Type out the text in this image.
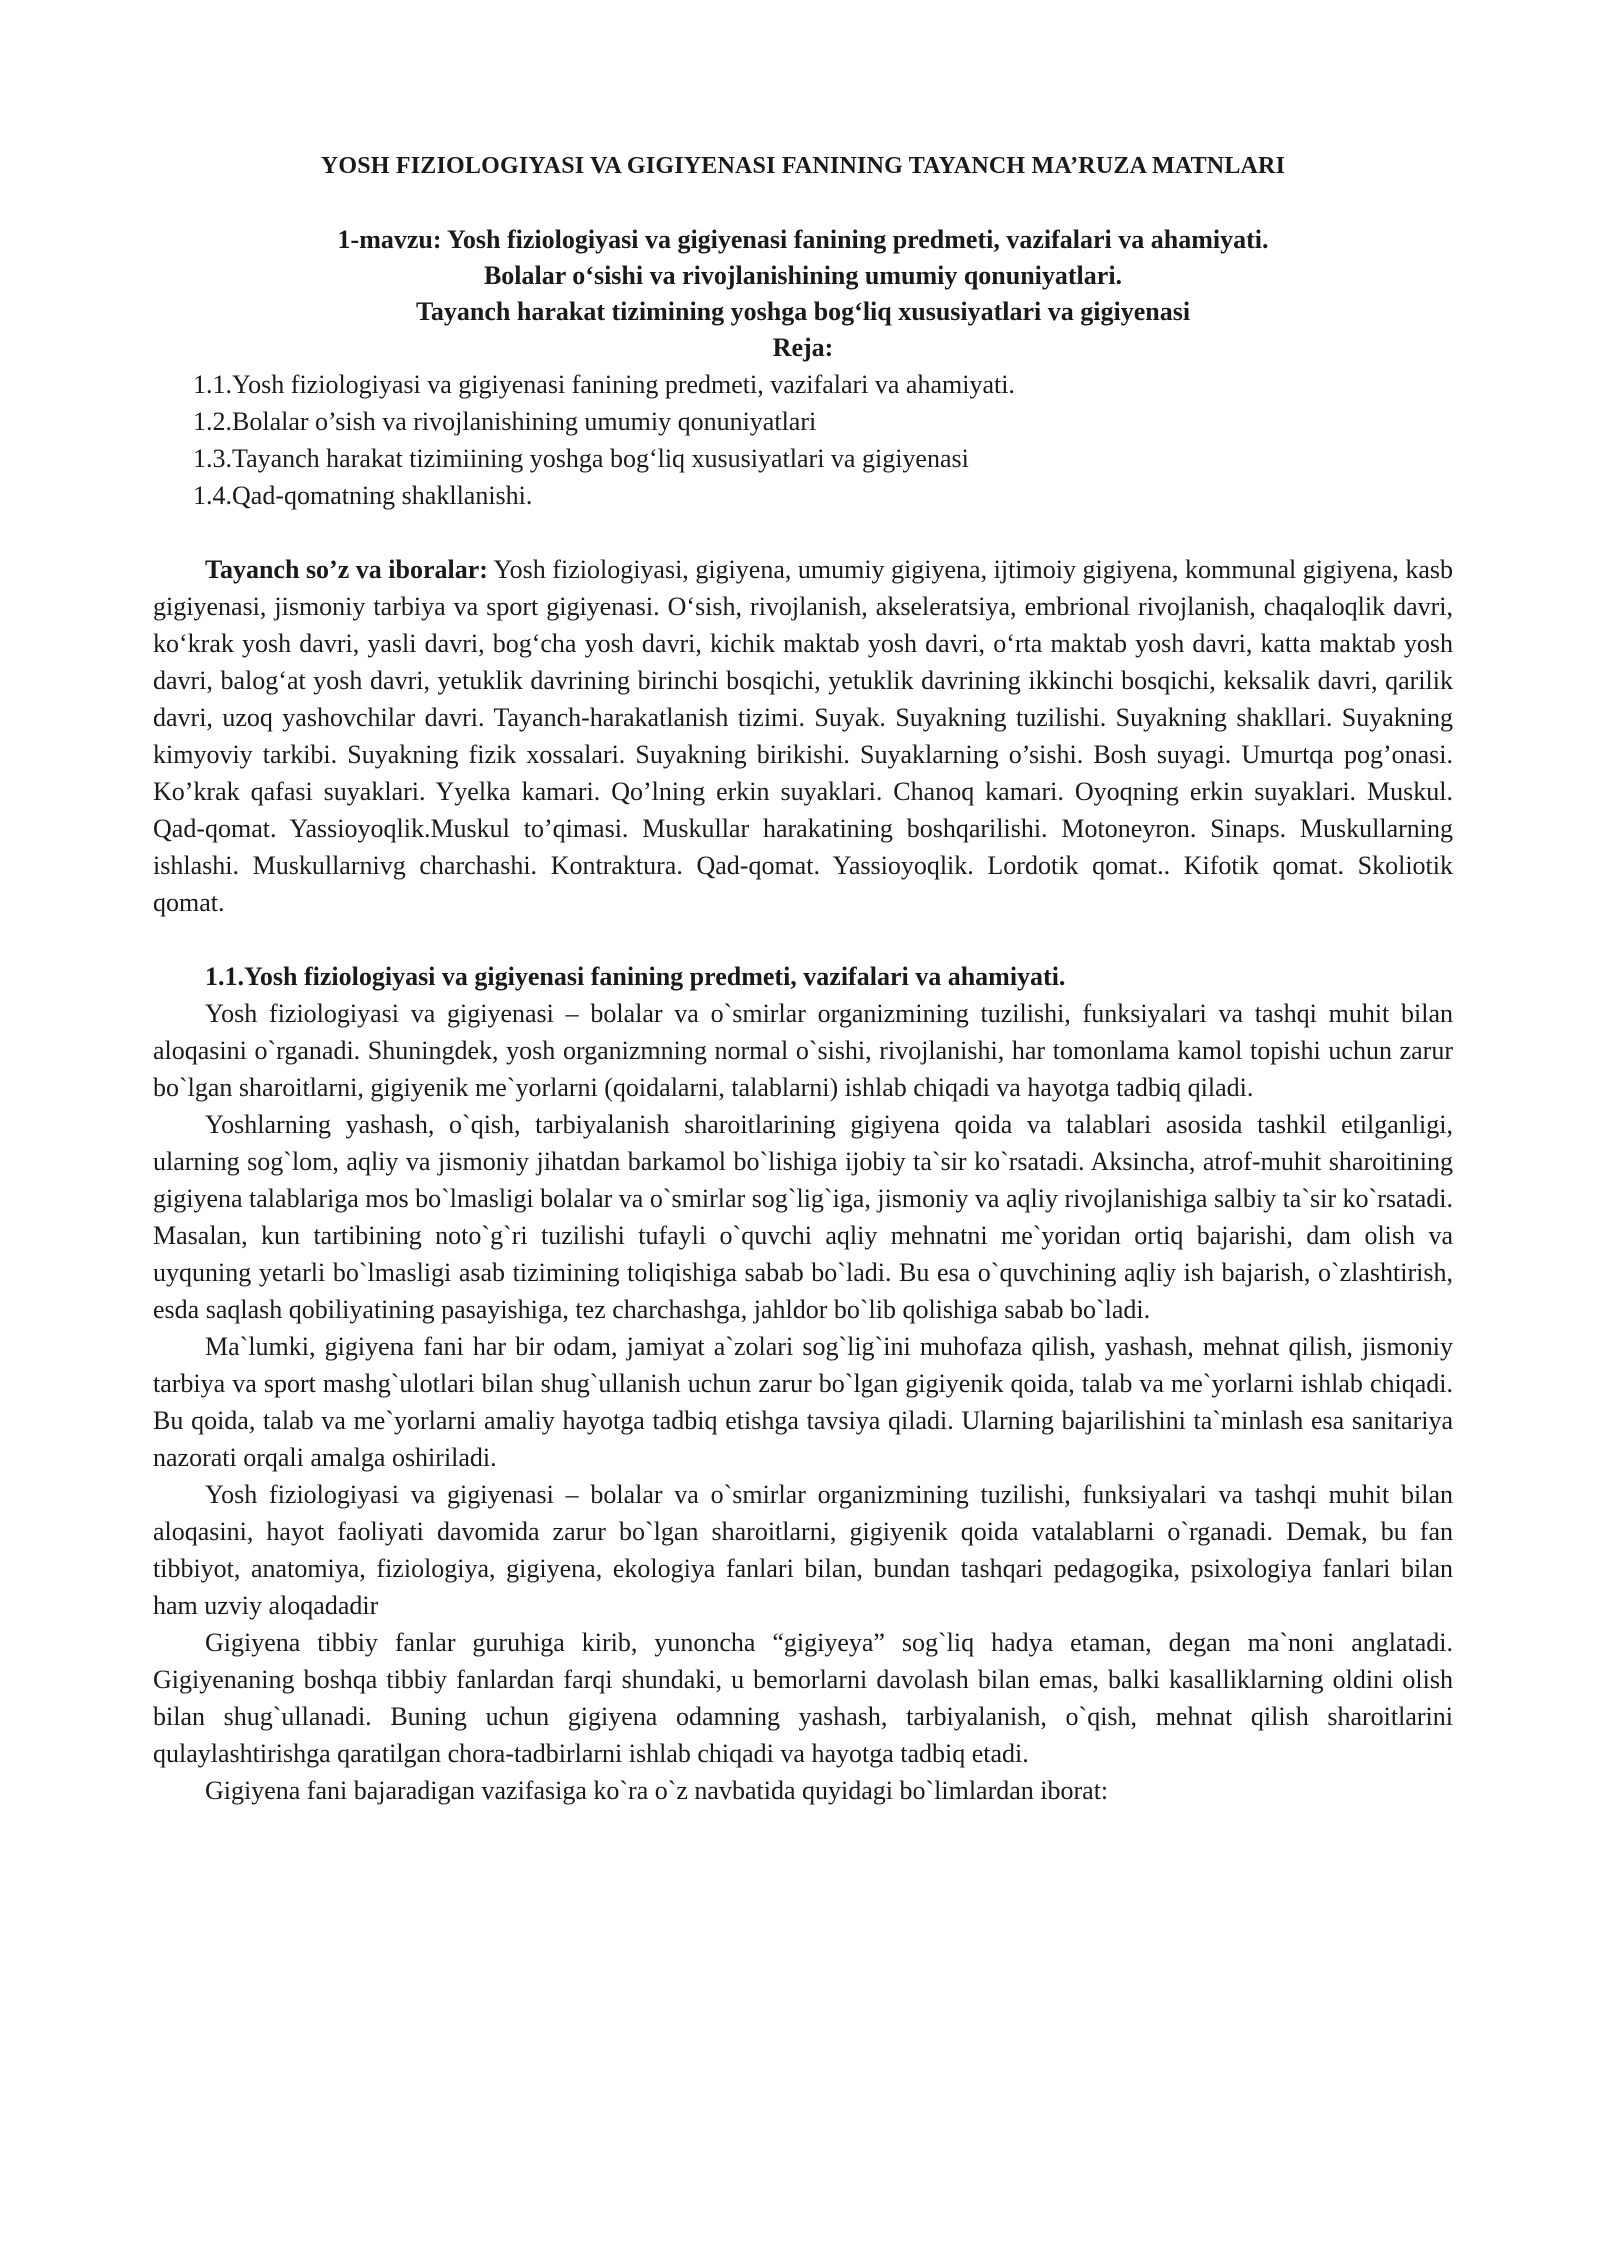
YOSH FIZIOLOGIYASI VA GIGIYENASI FANINING TAYANCH MA’RUZA MATNLARI
1-mavzu: Yosh fiziologiyasi va gigiyenasi fanining predmeti, vazifalari va ahamiyati.
Bolalar o‘sishi va rivojlanishining umumiy qonuniyatlari.
Tayanch harakat tizimining yoshga bog‘liq xususiyatlari va gigiyenasi
Reja:
1.1.Yosh fiziologiyasi va gigiyenasi fanining predmeti, vazifalari va ahamiyati.
1.2.Bolalar o’sish va rivojlanishining umumiy qonuniyatlari
1.3.Tayanch harakat tizimiining yoshga bog‘liq xususiyatlari va gigiyenasi
1.4.Qad-qomatning shakllanishi.

Tayanch so’z va iboralar: Yosh fiziologiyasi, gigiyena, umumiy gigiyena, ijtimoiy gigiyena, kommunal gigiyena, kasb gigiyenasi, jismoniy tarbiya va sport gigiyenasi. O‘sish, rivojlanish, akseleratsiya, embrional rivojlanish, chaqaloqlik davri, ko‘krak yosh davri, yasli davri, bog‘cha yosh davri, kichik maktab yosh davri, o‘rta maktab yosh davri, katta maktab yosh davri, balog‘at yosh davri, yetuklik davrining birinchi bosqichi, yetuklik davrining ikkinchi bosqichi, keksalik davri, qarilik davri, uzoq yashovchilar davri. Tayanch-harakatlanish tizimi. Suyak. Suyakning tuzilishi. Suyakning shakllari. Suyakning kimyoviy tarkibi. Suyakning fizik xossalari. Suyakning birikishi. Suyaklarning o’sishi. Bosh suyagi. Umurtqa pog’onasi. Ko’krak qafasi suyaklari. Yyelka kamari. Qo’lning erkin suyaklari. Chanoq kamari. Oyoqning erkin suyaklari. Muskul. Qad-qomat. Yassioyoqlik.Muskul to’qimasi. Muskullar harakatining boshqarilishi. Motoneyron. Sinaps. Muskullarning ishlashi. Muskullarnivg charchashi. Kontraktura. Qad-qomat. Yassioyoqlik. Lordotik qomat.. Kifotik qomat. Skoliotik qomat.

1.1.Yosh fiziologiyasi va gigiyenasi fanining predmeti, vazifalari va ahamiyati.

Yosh fiziologiyasi va gigiyenasi – bolalar va o`smirlar organizmining tuzilishi, funksiyalari va tashqi muhit bilan aloqasini o`rganadi. Shuningdek, yosh organizmning normal o`sishi, rivojlanishi, har tomonlama kamol topishi uchun zarur bo`lgan sharoitlarni, gigiyenik me`yorlarni (qoidalarni, talablarni) ishlab chiqadi va hayotga tadbiq qiladi.

Yoshlarning yashash, o`qish, tarbiyalanish sharoitlarining gigiyena qoida va talablari asosida tashkil etilganligi, ularning sog`lom, aqliy va jismoniy jihatdan barkamol bo`lishiga ijobiy ta`sir ko`rsatadi. Aksincha, atrof-muhit sharoitining gigiyena talablariga mos bo`lmasligi bolalar va o`smirlar sog`lig`iga, jismoniy va aqliy rivojlanishiga salbiy ta`sir ko`rsatadi. Masalan, kun tartibining noto`g`ri tuzilishi tufayli o`quvchi aqliy mehnatni me`yoridan ortiq bajarishi, dam olish va uyquning yetarli bo`lmasligi asab tizimining toliqishiga sabab bo`ladi. Bu esa o`quvchining aqliy ish bajarish, o`zlashtirish, esda saqlash qobiliyatining pasayishiga, tez charchashga, jahldor bo`lib qolishiga sabab bo`ladi.

Ma`lumki, gigiyena fani har bir odam, jamiyat a`zolari sog`lig`ini muhofaza qilish, yashash, mehnat qilish, jismoniy tarbiya va sport mashg`ulotlari bilan shug`ullanish uchun zarur bo`lgan gigiyenik qoida, talab va me`yorlarni ishlab chiqadi. Bu qoida, talab va me`yorlarni amaliy hayotga tadbiq etishga tavsiya qiladi. Ularning bajarilishini ta`minlash esa sanitariya nazorati orqali amalga oshiriladi.

Yosh fiziologiyasi va gigiyenasi – bolalar va o`smirlar organizmining tuzilishi, funksiyalari va tashqi muhit bilan aloqasini, hayot faoliyati davomida zarur bo`lgan sharoitlarni, gigiyenik qoida vatalablarni o`rganadi. Demak, bu fan tibbiyot, anatomiya, fiziologiya, gigiyena, ekologiya fanlari bilan, bundan tashqari pedagogika, psixologiya fanlari bilan ham uzviy aloqadadir

Gigiyena tibbiy fanlar guruhiga kirib, yunoncha “gigiyeya” sog`liq hadya etaman, degan ma`noni anglatadi. Gigiyenaning boshqa tibbiy fanlardan farqi shundaki, u bemorlarni davolash bilan emas, balki kasalliklarning oldini olish bilan shug`ullanadi. Buning uchun gigiyena odamning yashash, tarbiyalanish, o`qish, mehnat qilish sharoitlarini qulaylashtirishga qaratilgan chora-tadbirlarni ishlab chiqadi va hayotga tadbiq etadi.

Gigiyena fani bajaradigan vazifasiga ko`ra o`z navbatida quyidagi bo`limlardan iborat:
